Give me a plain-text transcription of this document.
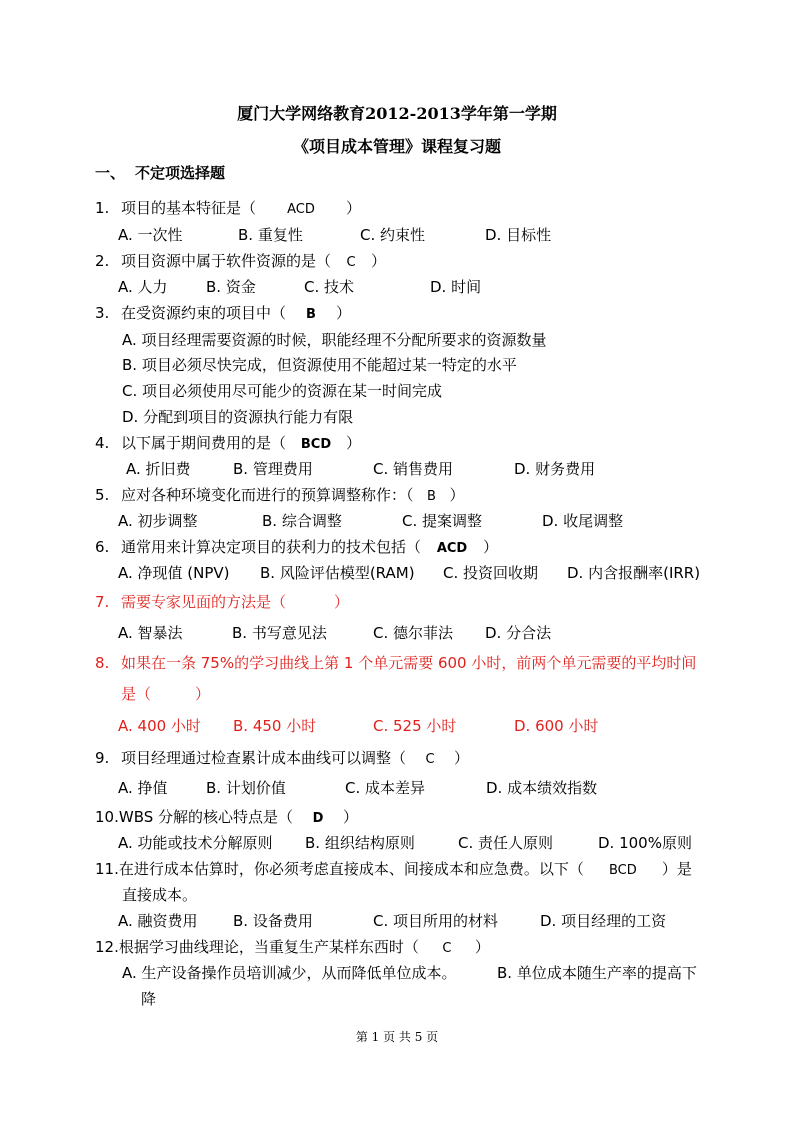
厦门大学网络教育2012-2013学年第一学期
《项目成本管理》课程复习题
一、 不定项选择题
1. 项目的基本特征是（ ACD ）
A. 一次性	B. 重复性	C. 约束性	D. 目标性
2. 项目资源中属于软件资源的是（ C ）
A. 人力	B. 资金	C. 技术	D. 时间
3. 在受资源约束的项目中（ B ）
A. 项目经理需要资源的时候，职能经理不分配所要求的资源数量
B. 项目必须尽快完成，但资源使用不能超过某一特定的水平
C. 项目必须使用尽可能少的资源在某一时间完成
D. 分配到项目的资源执行能力有限
4. 以下属于期间费用的是（ BCD ）
A. 折旧费	B. 管理费用	C. 销售费用	D. 财务费用
5. 应对各种环境变化而进行的预算调整称作：（ B ）
A. 初步调整	B. 综合调整	C. 提案调整	D. 收尾调整
6. 通常用来计算决定项目的获利力的技术包括（ ACD ）
A. 净现值 (NPV) B. 风险评估模型(RAM) C. 投资回收期 D. 内含报酬率(IRR)
7. 需要专家见面的方法是（	）
A. 智暴法	B. 书写意见法	C. 德尔菲法 D. 分合法
8. 如果在一条 75%的学习曲线上第 1 个单元需要 600 小时，前两个单元需要的平均时间
是（	）
A. 400 小时 B. 450 小时	C. 525 小时	D. 600 小时
9. 项目经理通过检查累计成本曲线可以调整（ C ）
A. 挣值	B. 计划价值	C. 成本差异	D. 成本绩效指数
10.WBS 分解的核心特点是（ D ）
A. 功能或技术分解原则 B. 组织结构原则	C. 责任人原则	D. 100%原则
11.在进行成本估算时，你必须考虑直接成本、间接成本和应急费。以下（ BCD ）是
直接成本。
A. 融资费用 B. 设备费用	C. 项目所用的材料	D. 项目经理的工资
12.根据学习曲线理论，当重复生产某样东西时（ C ）
A. 生产设备操作员培训减少，从而降低单位成本。	B. 单位成本随生产率的提高下
降
第 1 页 共 5 页
